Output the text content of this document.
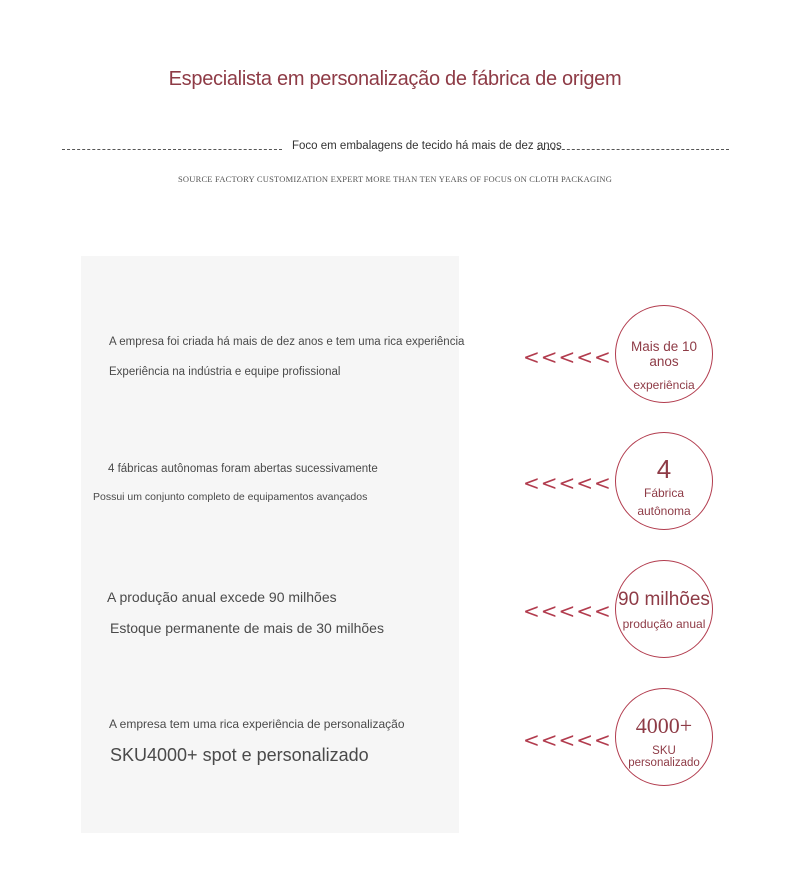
Especialista em personalização de fábrica de origem
Foco em embalagens de tecido há mais de dez anos
SOURCE FACTORY CUSTOMIZATION EXPERT MORE THAN TEN YEARS OF FOCUS ON CLOTH PACKAGING
A empresa foi criada há mais de dez anos e tem uma rica experiência
Experiência na indústria e equipe profissional
<<<<<	Mais de 10 anos
experiência
4 fábricas autônomas foram abertas sucessivamente
Possui um conjunto completo de equipamentos avançados
<<<<<	4
Fábrica
autônoma
A produção anual excede 90 milhões
Estoque permanente de mais de 30 milhões
<<<<< 90 milhões
produção anual
A empresa tem uma rica experiência de personalização
SKU4000+ spot e personalizado
<<<<<
4000+
SKU personalizado
